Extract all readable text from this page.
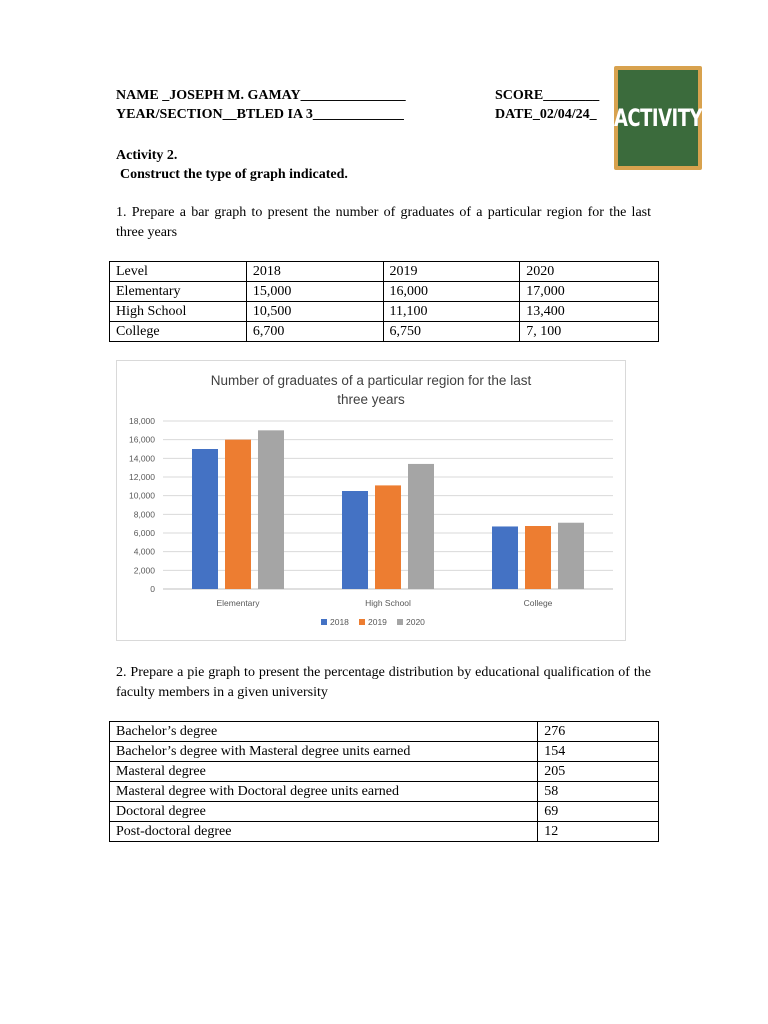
NAME _JOSEPH M. GAMAY_______________	SCORE________
YEAR/SECTION__BTLED IA 3_____________	DATE_02/04/24_ ACTIVITY
Activity 2.
Construct the type of graph indicated.
1. Prepare a bar graph to present the number of graduates of a particular region for the last three years
Level	2018	2019	2020
Elementary	15,000	16,000	17,000
High School	10,500	11,100	13,400
College	6,700	6,750	7, 100
Number of graduates of a particular region for the last
three years
0
2,000
4,000
6,000
8,000
10,000
12,000
14,000
16,000
18,000
Elementary	High School	College
2018 2019 2020
2. Prepare a pie graph to present the percentage distribution by educational qualification of the faculty members in a given university
Bachelor’s degree	276
Bachelor’s degree with Masteral degree units earned	154
Masteral degree	205
Masteral degree with Doctoral degree units earned	58
Doctoral degree	69
Post-doctoral degree	12
